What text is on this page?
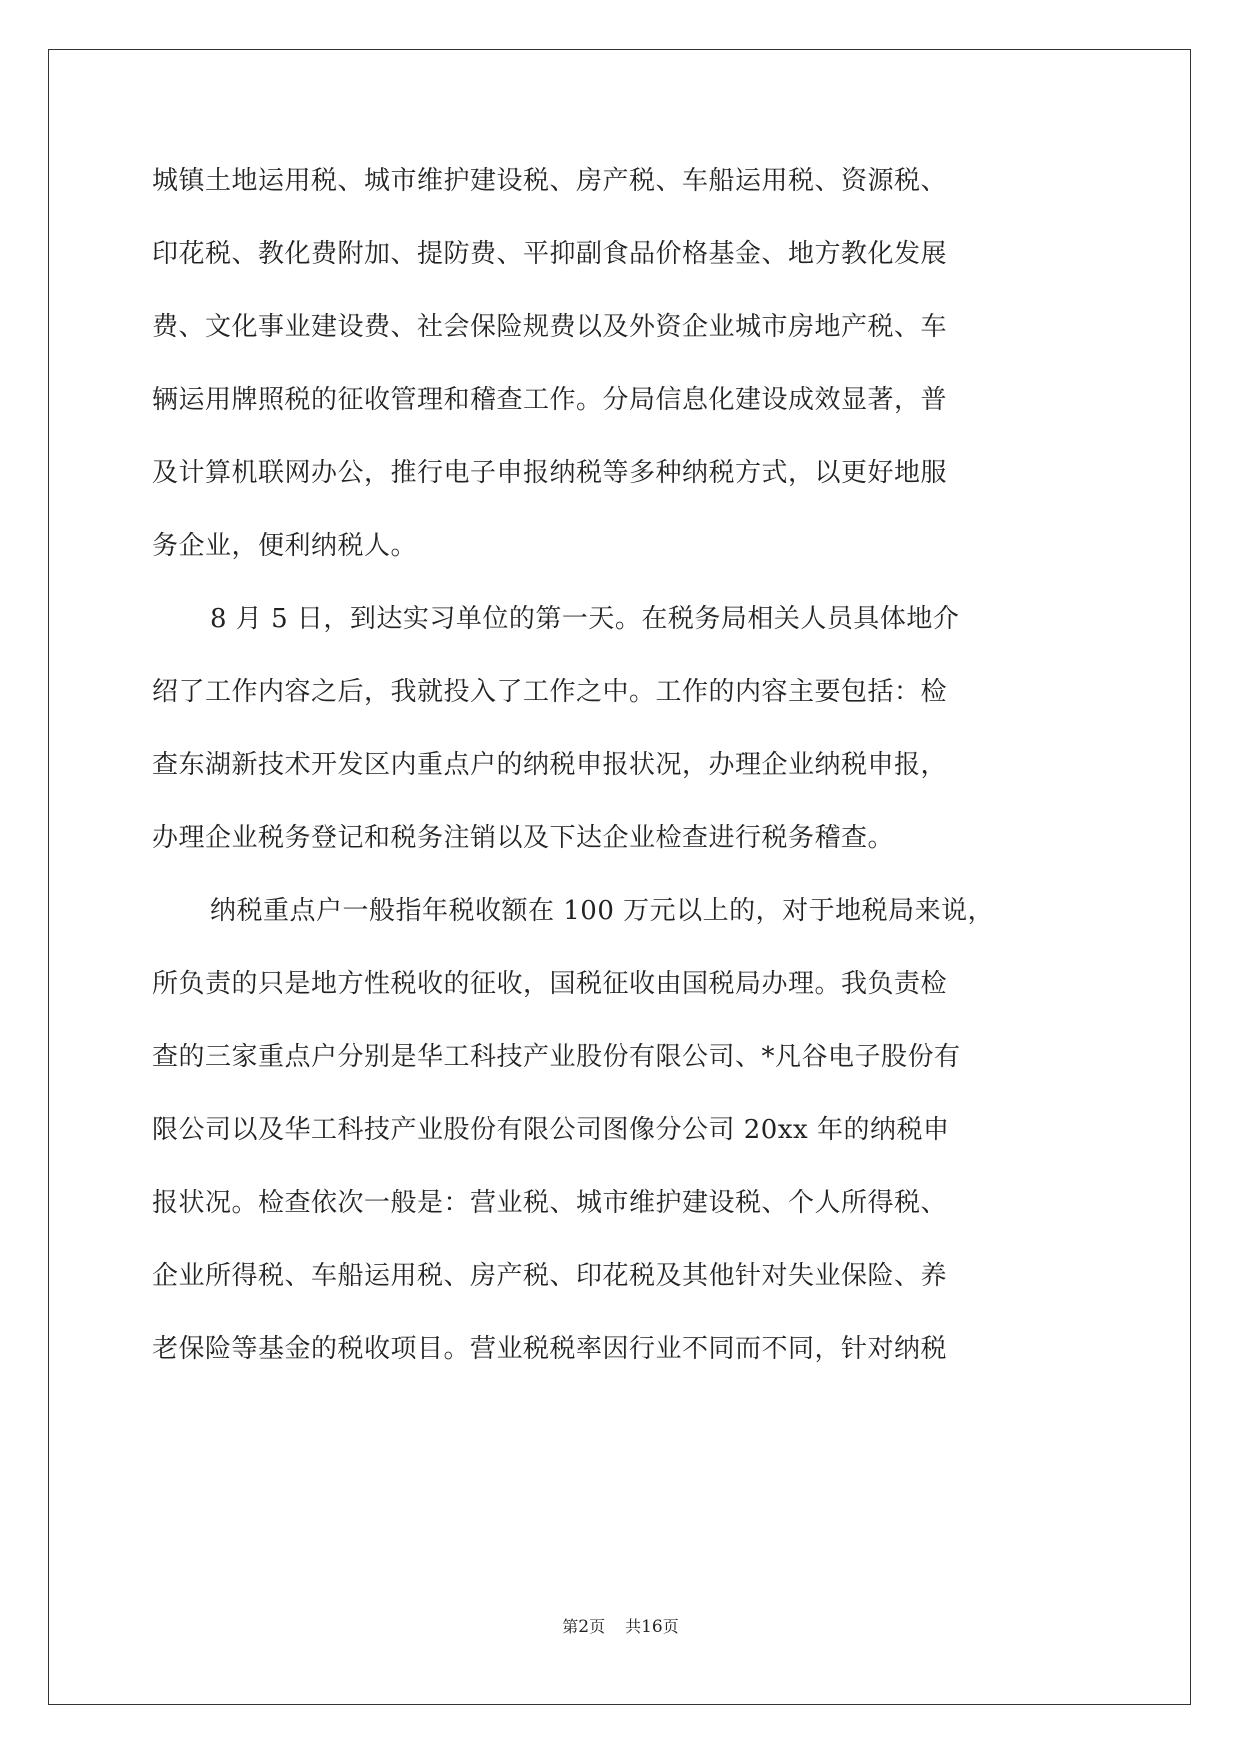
城镇土地运用税、城市维护建设税、房产税、车船运用税、资源税、
印花税、教化费附加、提防费、平抑副食品价格基金、地方教化发展
费、文化事业建设费、社会保险规费以及外资企业城市房地产税、车
辆运用牌照税的征收管理和稽查工作。分局信息化建设成效显著，普
及计算机联网办公，推行电子申报纳税等多种纳税方式，以更好地服
务企业，便利纳税人。
8 月 5 日，到达实习单位的第一天。在税务局相关人员具体地介
绍了工作内容之后，我就投入了工作之中。工作的内容主要包括：检
查东湖新技术开发区内重点户的纳税申报状况，办理企业纳税申报，
办理企业税务登记和税务注销以及下达企业检查进行税务稽查。
纳税重点户一般指年税收额在 100 万元以上的，对于地税局来说，
所负责的只是地方性税收的征收，国税征收由国税局办理。我负责检
查的三家重点户分别是华工科技产业股份有限公司、*凡谷电子股份有
限公司以及华工科技产业股份有限公司图像分公司 20xx 年的纳税申
报状况。检查依次一般是：营业税、城市维护建设税、个人所得税、
企业所得税、车船运用税、房产税、印花税及其他针对失业保险、养
老保险等基金的税收项目。营业税税率因行业不同而不同，针对纳税
第2页 共16页
